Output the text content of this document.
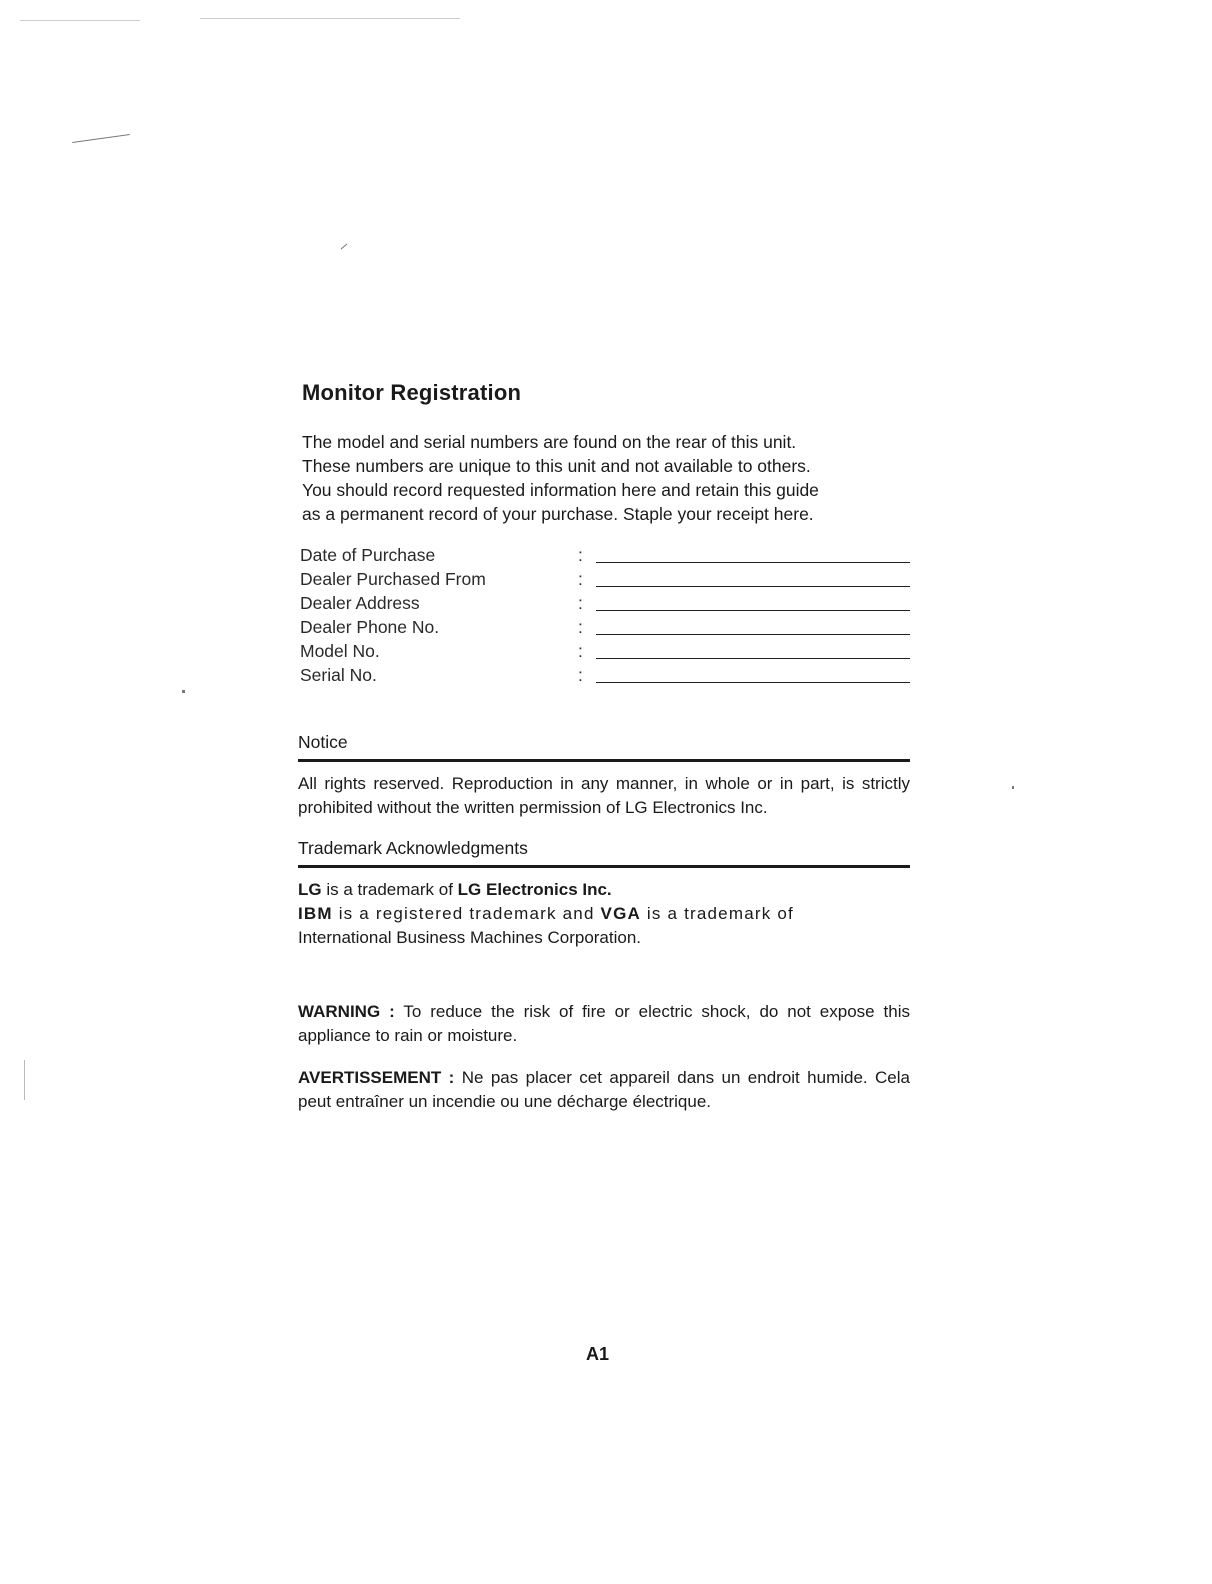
Monitor Registration

The model and serial numbers are found on the rear of this unit.

These numbers are unique to this unit and not available to others.

You should record requested information here and retain this guide

as a permanent record of your purchase. Staple your receipt here.

Date of Purchase	:
Dealer Purchased From	:
Dealer Address	:
Dealer Phone No.	:
Model No.	:
Serial No.	:
Notice

All rights reserved. Reproduction in any manner, in whole or in part, is strictly prohibited without the written permission of LG Electronics Inc.

Trademark Acknowledgments

LG is a trademark of LG Electronics Inc.

IBM is a registered trademark and VGA is a trademark of

International Business Machines Corporation.

WARNING : To reduce the risk of fire or electric shock, do not expose this appliance to rain or moisture.

AVERTISSEMENT : Ne pas placer cet appareil dans un endroit humide. Cela peut entraîner un incendie ou une décharge électrique.

A1
